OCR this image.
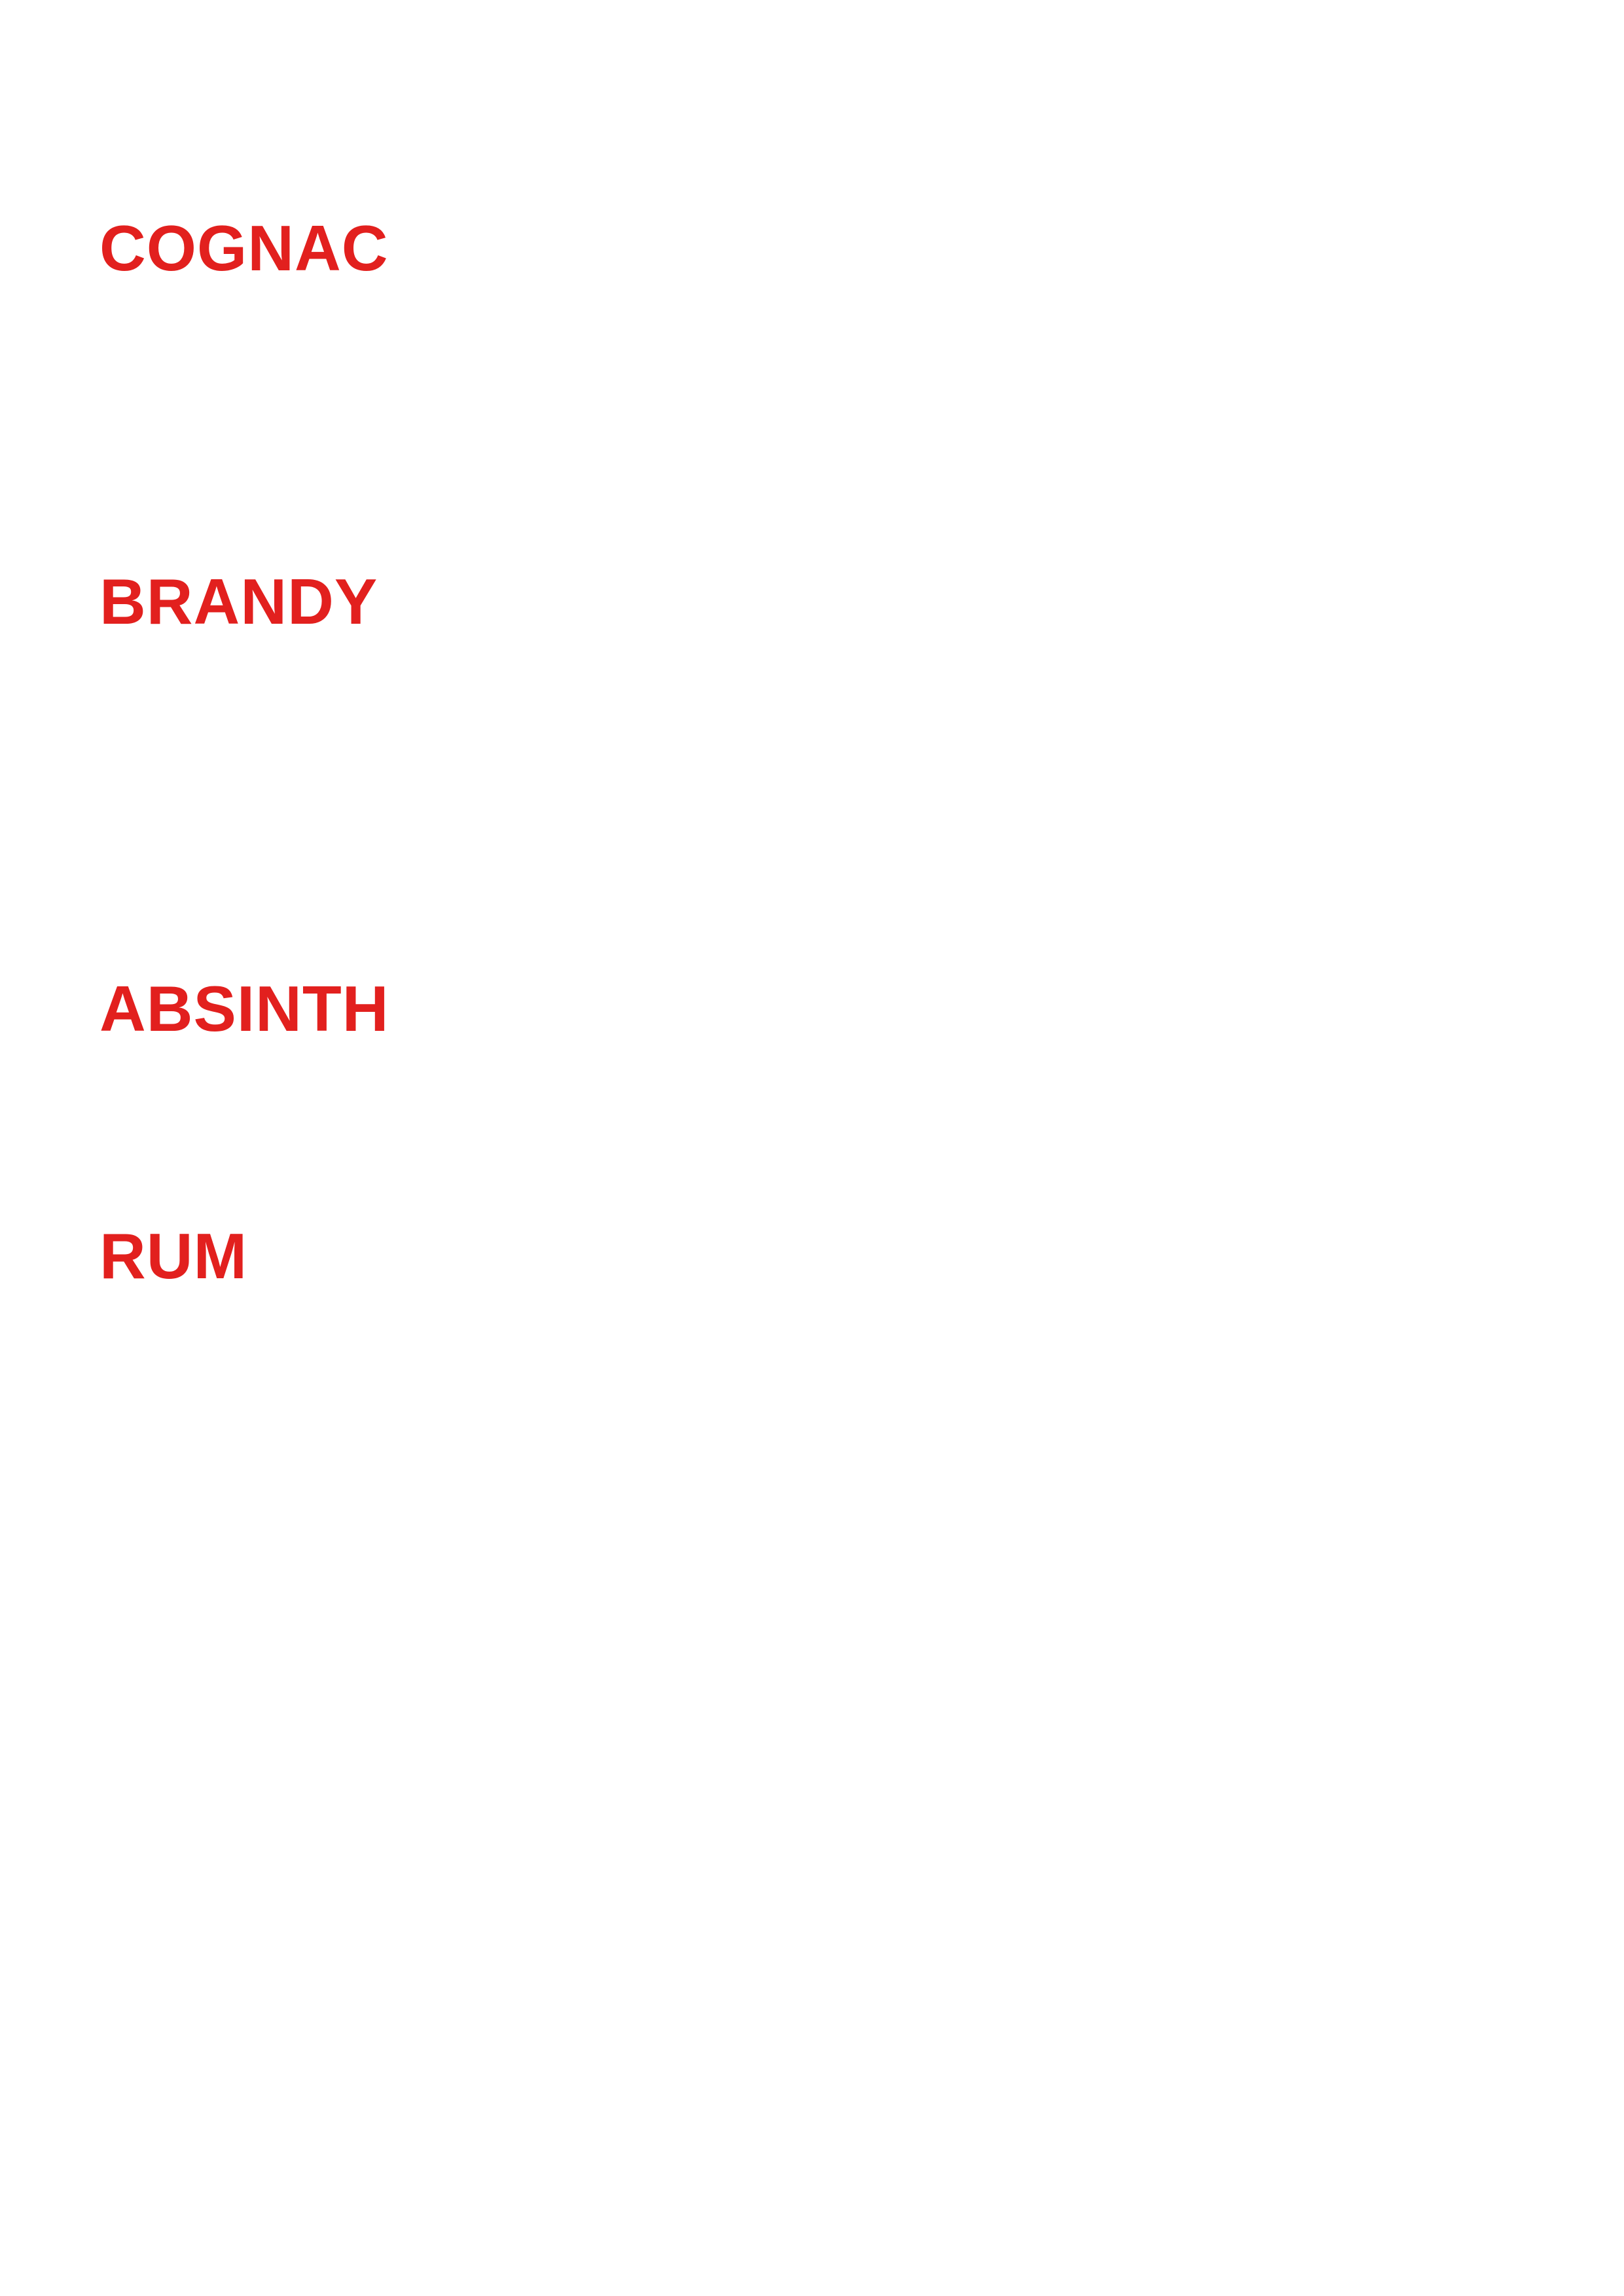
COGNAC
BRANDY
ABSINTH
RUM
